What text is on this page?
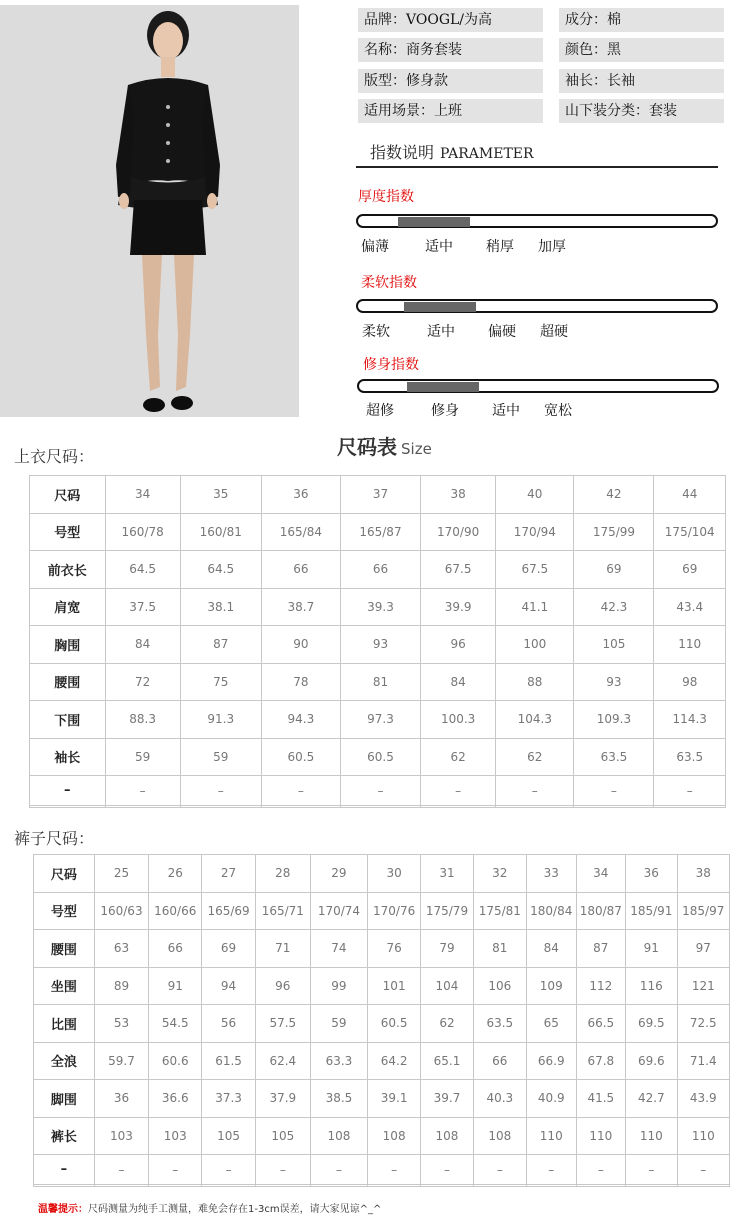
品牌：VOOGL/为高	成分：棉
名称：商务套装	颜色：黑
版型：修身款	袖长：长袖
适用场景：上班	山下装分类：套装
指数说明 PARAMETER
厚度指数
偏薄	适中 稍厚 加厚
柔软指数
柔软	适中 偏硬 超硬
修身指数
超修	修身 适中 宽松
上衣尺码：	尺码表 Size
尺码	34	35	36	37	38	40	42	44
号型	160/78	160/81	165/84	165/87	170/90	170/94	175/99	175/104
前衣长	64.5	64.5	66	66	67.5	67.5	69	69
肩宽	37.5	38.1	38.7	39.3	39.9	41.1	42.3	43.4
胸围	84	87	90	93	96	100	105	110
腰围	72	75	78	81	84	88	93	98
下围	88.3	91.3	94.3	97.3	100.3	104.3	109.3	114.3
袖长	59	59	60.5	60.5	62	62	63.5	63.5
–	–	–	–	–	–	–	–	–

裤子尺码：
尺码	25	26	27	28	29	30	31	32	33	34	36	38
号型	160/63	160/66	165/69	165/71	170/74	170/76	175/79	175/81	180/84	180/87	185/91	185/97
腰围	63	66	69	71	74	76	79	81	84	87	91	97
坐围	89	91	94	96	99	101	104	106	109	112	116	121
比围	53	54.5	56	57.5	59	60.5	62	63.5	65	66.5	69.5	72.5
全浪	59.7	60.6	61.5	62.4	63.3	64.2	65.1	66	66.9	67.8	69.6	71.4
脚围	36	36.6	37.3	37.9	38.5	39.1	39.7	40.3	40.9	41.5	42.7	43.9
裤长	103	103	105	105	108	108	108	108	110	110	110	110
–	–	–	–	–	–	–	–	–	–	–	–	–

温馨提示：尺码测量为纯手工测量，难免会存在1-3cm误差，请大家见谅^_^
